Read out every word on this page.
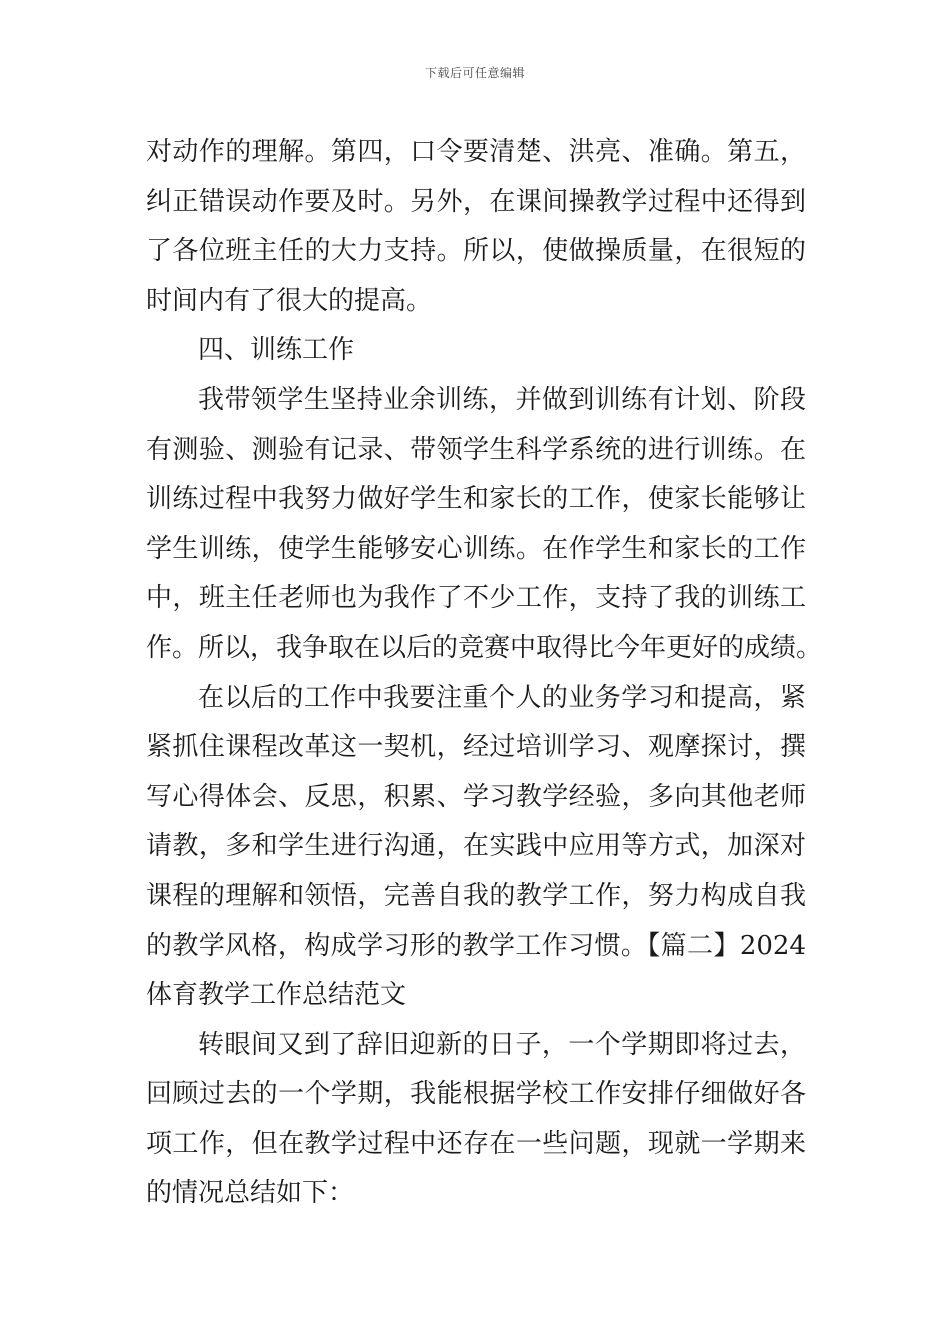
下载后可任意编辑
对动作的理解。第四，口令要清楚、洪亮、准确。第五，
纠正错误动作要及时。另外，在课间操教学过程中还得到
了各位班主任的大力支持。所以，使做操质量，在很短的
时间内有了很大的提高。
四、训练工作
我带领学生坚持业余训练，并做到训练有计划、阶段
有测验、测验有记录、带领学生科学系统的进行训练。在
训练过程中我努力做好学生和家长的工作，使家长能够让
学生训练，使学生能够安心训练。在作学生和家长的工作
中，班主任老师也为我作了不少工作，支持了我的训练工
作。所以，我争取在以后的竞赛中取得比今年更好的成绩。
在以后的工作中我要注重个人的业务学习和提高，紧
紧抓住课程改革这一契机，经过培训学习、观摩探讨，撰
写心得体会、反思，积累、学习教学经验，多向其他老师
请教，多和学生进行沟通，在实践中应用等方式，加深对
课程的理解和领悟，完善自我的教学工作，努力构成自我
的教学风格，构成学习形的教学工作习惯。【篇二】2024
体育教学工作总结范文
转眼间又到了辞旧迎新的日子，一个学期即将过去，
回顾过去的一个学期，我能根据学校工作安排仔细做好各
项工作，但在教学过程中还存在一些问题，现就一学期来
的情况总结如下：
